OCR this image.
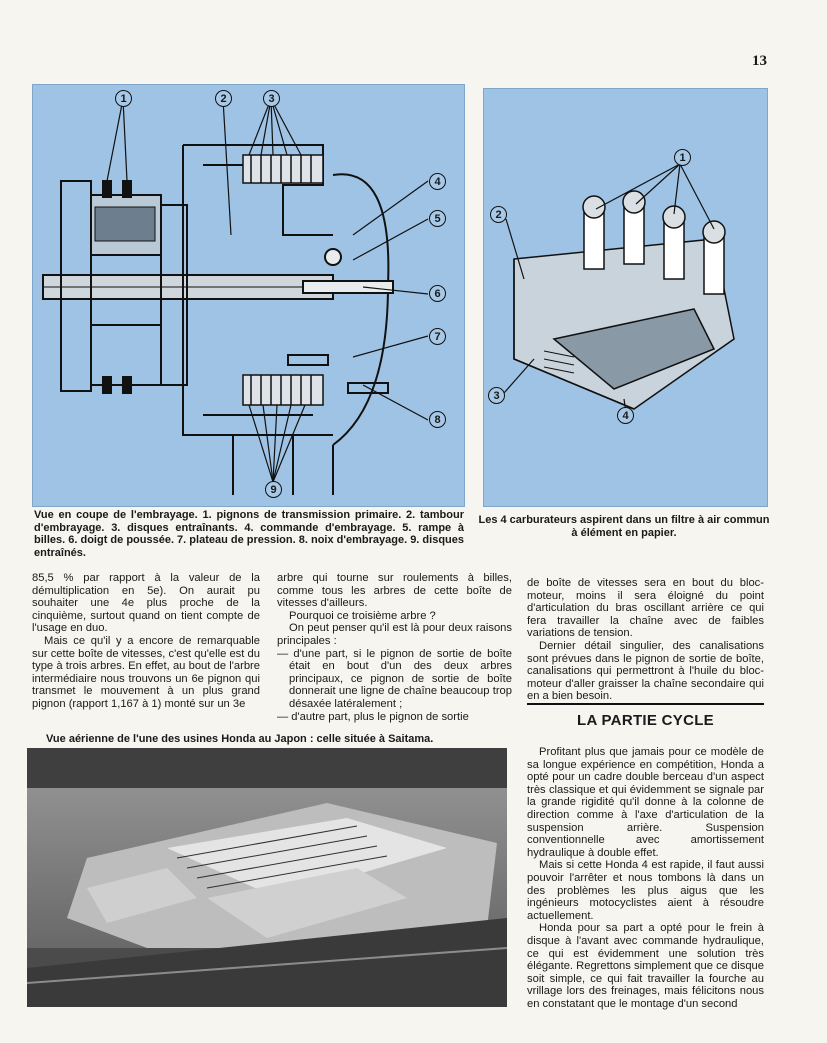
13
1	2	3
4
5
6
7
8
9
Vue en coupe de l'embrayage. 1. pignons de transmission primaire. 2. tambour d'embrayage. 3. disques entraînants. 4. commande d'embrayage. 5. rampe à billes. 6. doigt de poussée. 7. plateau de pression. 8. noix d'embrayage. 9. disques entraînés.
1
2
3
4
Les 4 carburateurs aspirent dans un filtre à air commun à élément en papier.

85,5 % par rapport à la valeur de la démultiplication en 5e). On aurait pu souhaiter une 4e plus proche de la cinquième, surtout quand on tient compte de l'usage en duo.

Mais ce qu'il y a encore de remarquable sur cette boîte de vitesses, c'est qu'elle est du type à trois arbres. En effet, au bout de l'arbre intermédiaire nous trouvons un 6e pignon qui transmet le mouvement à un plus grand pignon (rapport 1,167 à 1) monté sur un 3e

arbre qui tourne sur roulements à billes, comme tous les arbres de cette boîte de vitesses d'ailleurs.

Pourquoi ce troisième arbre ?

On peut penser qu'il est là pour deux raisons principales :

— d'une part, si le pignon de sortie de boîte était en bout d'un des deux arbres principaux, ce pignon de sortie de boîte donnerait une ligne de chaîne beaucoup trop désaxée latéralement ;
— d'autre part, plus le pignon de sortie

de boîte de vitesses sera en bout du bloc-moteur, moins il sera éloigné du point d'articulation du bras oscillant arrière ce qui fera travailler la chaîne avec de faibles variations de tension.

Dernier détail singulier, des canalisations sont prévues dans le pignon de sortie de boîte, canalisations qui permettront à l'huile du bloc-moteur d'aller graisser la chaîne secondaire qui en a bien besoin.

LA PARTIE CYCLE

Profitant plus que jamais pour ce modèle de sa longue expérience en compétition, Honda a opté pour un cadre double berceau d'un aspect très classique et qui évidemment se signale par la grande rigidité qu'il donne à la colonne de direction comme à l'axe d'articulation de la suspension arrière. Suspension conventionnelle avec amortissement hydraulique à double effet.

Mais si cette Honda 4 est rapide, il faut aussi pouvoir l'arrêter et nous tombons là dans un des problèmes les plus aigus que les ingénieurs motocyclistes aient à résoudre actuellement.

Honda pour sa part a opté pour le frein à disque à l'avant avec commande hydraulique, ce qui est évidemment une solution très élégante. Regrettons simplement que ce disque soit simple, ce qui fait travailler la fourche au vrillage lors des freinages, mais félicitons nous en constatant que le montage d'un second

Vue aérienne de l'une des usines Honda au Japon : celle située à Saitama.
